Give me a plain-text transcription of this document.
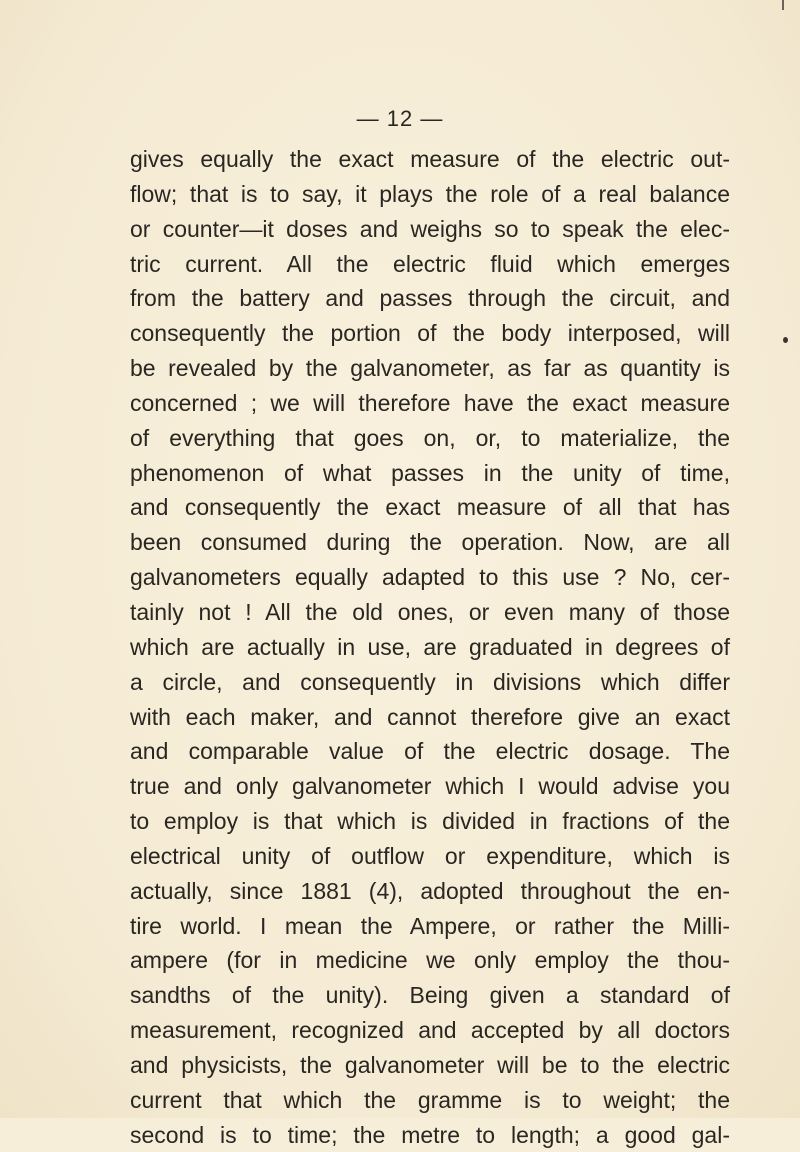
— 12 —
gives equally the exact measure of the electric out-
flow; that is to say, it plays the role of a real balance
or counter—it doses and weighs so to speak the elec-
tric current. All the electric fluid which emerges
from the battery and passes through the circuit, and
consequently the portion of the body interposed, will
be revealed by the galvanometer, as far as quantity is
concerned ; we will therefore have the exact measure
of everything that goes on, or, to materialize, the
phenomenon of what passes in the unity of time,
and consequently the exact measure of all that has
been consumed during the operation. Now, are all
galvanometers equally adapted to this use ? No, cer-
tainly not ! All the old ones, or even many of those
which are actually in use, are graduated in degrees of
a circle, and consequently in divisions which differ
with each maker, and cannot therefore give an exact
and comparable value of the electric dosage. The
true and only galvanometer which I would advise you
to employ is that which is divided in fractions of the
electrical unity of outflow or expenditure, which is
actually, since 1881 (4), adopted throughout the en-
tire world. I mean the Ampere, or rather the Milli-
ampere (for in medicine we only employ the thou-
sandths of the unity). Being given a standard of
measurement, recognized and accepted by all doctors
and physicists, the galvanometer will be to the electric
current that which the gramme is to weight; the
second is to time; the metre to length; a good gal-
